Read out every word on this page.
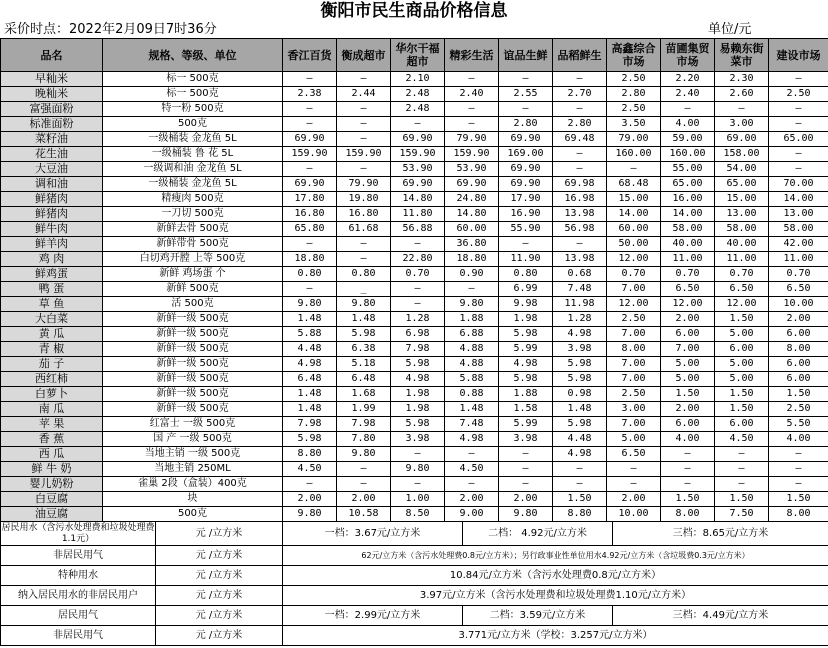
衡阳市民生商品价格信息
采价时点：2022年2月09日7时36分	单位/元
品名	规格、等级、单位	香江百货	衡成超市	华尔干福超市	精彩生活	谊品生鲜	品稻鲜生	高鑫综合市场	苗圃集贸市场	易赖东街菜市	建设市场
早籼米	标一 500克	—	—	2.10	—	—	—	2.50	2.20	2.30	—
晚籼米	标一 500克	2.38	2.44	2.48	2.40	2.55	2.70	2.80	2.40	2.60	2.50
富强面粉	特一粉 500克	—	—	2.48	—	—	—	2.50	—	—	—
标准面粉	500克	—	—	—	—	2.80	2.80	3.50	4.00	3.00	—
菜籽油	一级桶装 金龙鱼 5L	69.90	—	69.90	79.90	69.90	69.48	79.00	59.00	69.00	65.00
花生油	一级桶装 鲁 花 5L	159.90	159.90	159.90	159.90	169.00	—	160.00	160.00	158.00	—
大豆油	一级调和油 金龙鱼 5L	—	—	53.90	53.90	69.90	—	—	55.00	54.00	—
调和油	一级桶装 金龙鱼 5L	69.90	79.90	69.90	69.90	69.90	69.98	68.48	65.00	65.00	70.00
鲜猪肉	精瘦肉 500克	17.80	19.80	14.80	24.80	17.90	16.98	15.00	16.00	15.00	14.00
鲜猪肉	一刀切 500克	16.80	16.80	11.80	14.80	16.90	13.98	14.00	14.00	13.00	13.00
鲜牛肉	新鲜去骨 500克	65.80	61.68	56.88	60.00	55.90	56.98	60.00	58.00	58.00	58.00
鲜羊肉	新鲜带骨 500克	—	—	—	36.80	—	—	50.00	40.00	40.00	42.00
鸡 肉	白切鸡开膛 上等 500克	18.80	—	22.80	18.80	11.90	13.98	12.00	11.00	11.00	11.00
鲜鸡蛋	新鲜 鸡场蛋 个	0.80	0.80	0.70	0.90	0.80	0.68	0.70	0.70	0.70	0.70
鸭 蛋	新鲜 500克	—	_	—	—	6.99	7.48	7.00	6.50	6.50	6.50
草 鱼	活 500克	9.80	9.80	—	9.80	9.98	11.98	12.00	12.00	12.00	10.00
大白菜	新鲜一级 500克	1.48	1.48	1.28	1.88	1.98	1.28	2.50	2.00	1.50	2.00
黄 瓜	新鲜一级 500克	5.88	5.98	6.98	6.88	5.98	4.98	7.00	6.00	5.00	6.00
青 椒	新鲜一级 500克	4.48	6.38	7.98	4.88	5.99	3.98	8.00	7.00	6.00	8.00
茄 子	新鲜一级 500克	4.98	5.18	5.98	4.88	4.98	5.98	7.00	5.00	5.00	6.00
西红柿	新鲜一级 500克	6.48	6.48	4.98	5.88	5.98	5.98	7.00	5.00	5.00	6.00
白萝卜	新鲜一级 500克	1.48	1.68	1.98	0.88	1.88	0.98	2.50	1.50	1.50	1.50
南 瓜	新鲜一级 500克	1.48	1.99	1.98	1.48	1.58	1.48	3.00	2.00	1.50	2.50
苹 果	红富士 一级 500克	7.98	7.98	5.98	7.48	5.99	5.98	7.00	6.00	6.00	5.50
香 蕉	国 产 一级 500克	5.98	7.80	3.98	4.98	3.98	4.48	5.00	4.00	4.50	4.00
西 瓜	当地主销 一级 500克	8.80	9.80	—	—	—	4.98	6.50	—	—	—
鲜 牛 奶	当地主销 250ML	4.50	—	9.80	4.50	—	—	—	—	—	—
婴儿奶粉	雀巢 2段（盒装）400克	—	—	—	—	—	—	—	—	—	—
白豆腐	块	2.00	2.00	1.00	2.00	2.00	1.50	2.00	1.50	1.50	1.50
油豆腐	500克	9.80	10.58	8.50	9.00	9.80	8.80	10.00	8.00	7.50	8.00
居民用水（含污水处理费和垃圾处理费1.1元）	元 /立方米	一档：3.67元/立方米	二档： 4.92元/立方米	三档：8.65元/立方米
非居民用气	元 /立方米	62元/立方米（含污水处理费0.8元/立方米）；另行政事业性单位用水4.92元/立方米（含垃圾费0.3元/立方米）		
特种用水	元 /立方米	10.84元/立方米（含污水处理费0.8元/立方米）		
纳入居民用水的非居民用户	元 /立方米	3.97元/立方米（含污水处理费和垃圾处理费1.10元/立方米）		
居民用气	元 /立方米	一档：2.99元/立方米	二档：3.59元/立方米	三档：4.49元/立方米
非居民用气	元 /立方米	3.771元/立方米（学校：3.257元/立方米）		
